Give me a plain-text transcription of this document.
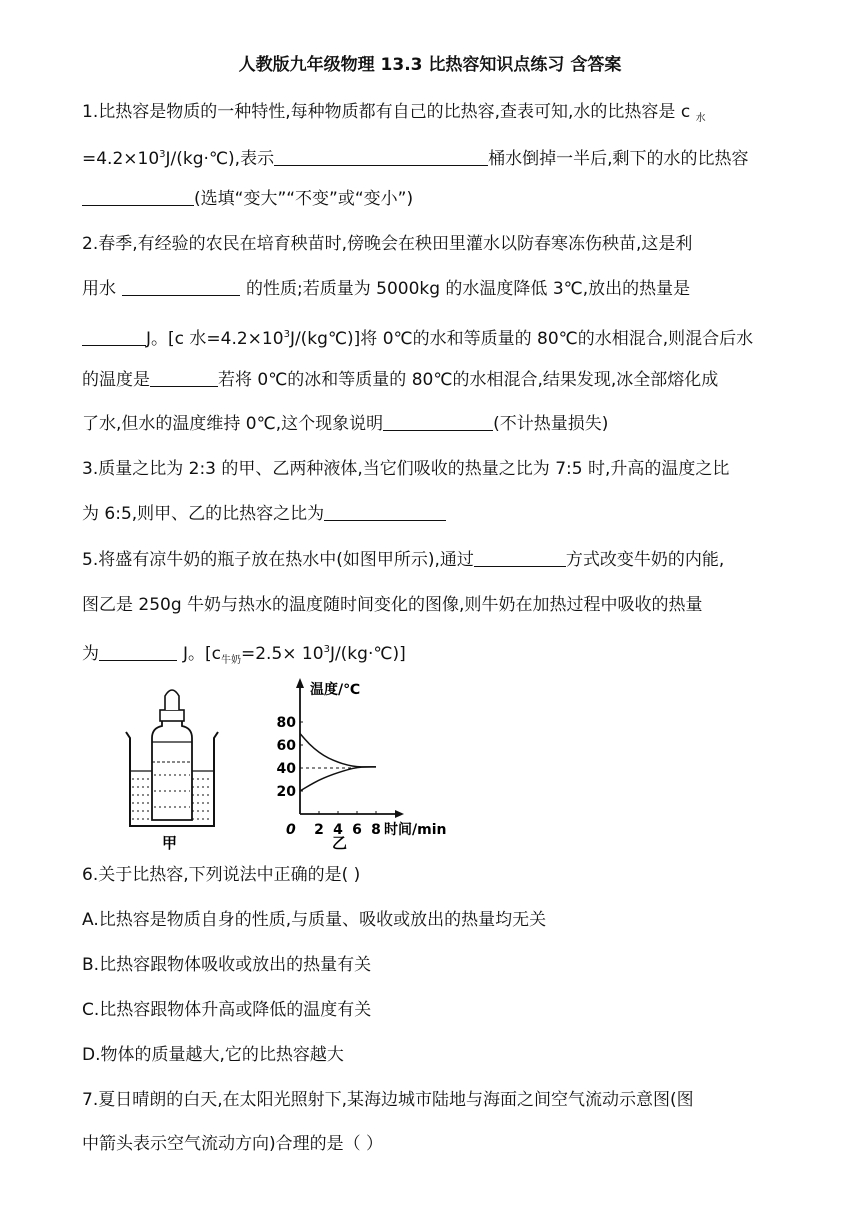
人教版九年级物理 13.3 比热容知识点练习 含答案
1.比热容是物质的一种特性,每种物质都有自己的比热容,查表可知,水的比热容是 c $_水$
$=4.2\times 10^3J/(kg\cdot℃)$,表示	桶水倒掉一半后,剩下的水的比热容
(选填“变大”“不变”或“变小”)
2.春季,有经验的农民在培育秧苗时,傍晚会在秧田里灌水以防春寒冻伤秧苗,这是利
用水	的性质;若质量为 5000kg 的水温度降低 3℃,放出的热量是
J。[c 水$=4.2\times 10^3J/(kg℃)$]将 0℃的水和等质量的 80℃的水相混合,则混合后水
的温度是	若将 0℃的冰和等质量的 80℃的水相混合,结果发现,冰全部熔化成
了水,但水的温度维持 0℃,这个现象说明	(不计热量损失)
3.质量之比为 2:3 的甲、乙两种液体,当它们吸收的热量之比为 7:5 时,升高的温度之比
为 6:5,则甲、乙的比热容之比为
5.将盛有凉牛奶的瓶子放在热水中(如图甲所示),通过	方式改变牛奶的内能,
图乙是 250g 牛奶与热水的温度随时间变化的图像,则牛奶在加热过程中吸收的热量
为	J。[$c_{牛奶}=2.5\times$ $10^3J/(kg\cdot℃)$]
甲
温度/℃
时间/min
0
20
40
60
80
2 4 6 8
乙
6.关于比热容,下列说法中正确的是( )
A.比热容是物质自身的性质,与质量、吸收或放出的热量均无关
B.比热容跟物体吸收或放出的热量有关
C.比热容跟物体升高或降低的温度有关
D.物体的质量越大,它的比热容越大
7.夏日晴朗的白天,在太阳光照射下,某海边城市陆地与海面之间空气流动示意图(图
中箭头表示空气流动方向)合理的是（ ）
